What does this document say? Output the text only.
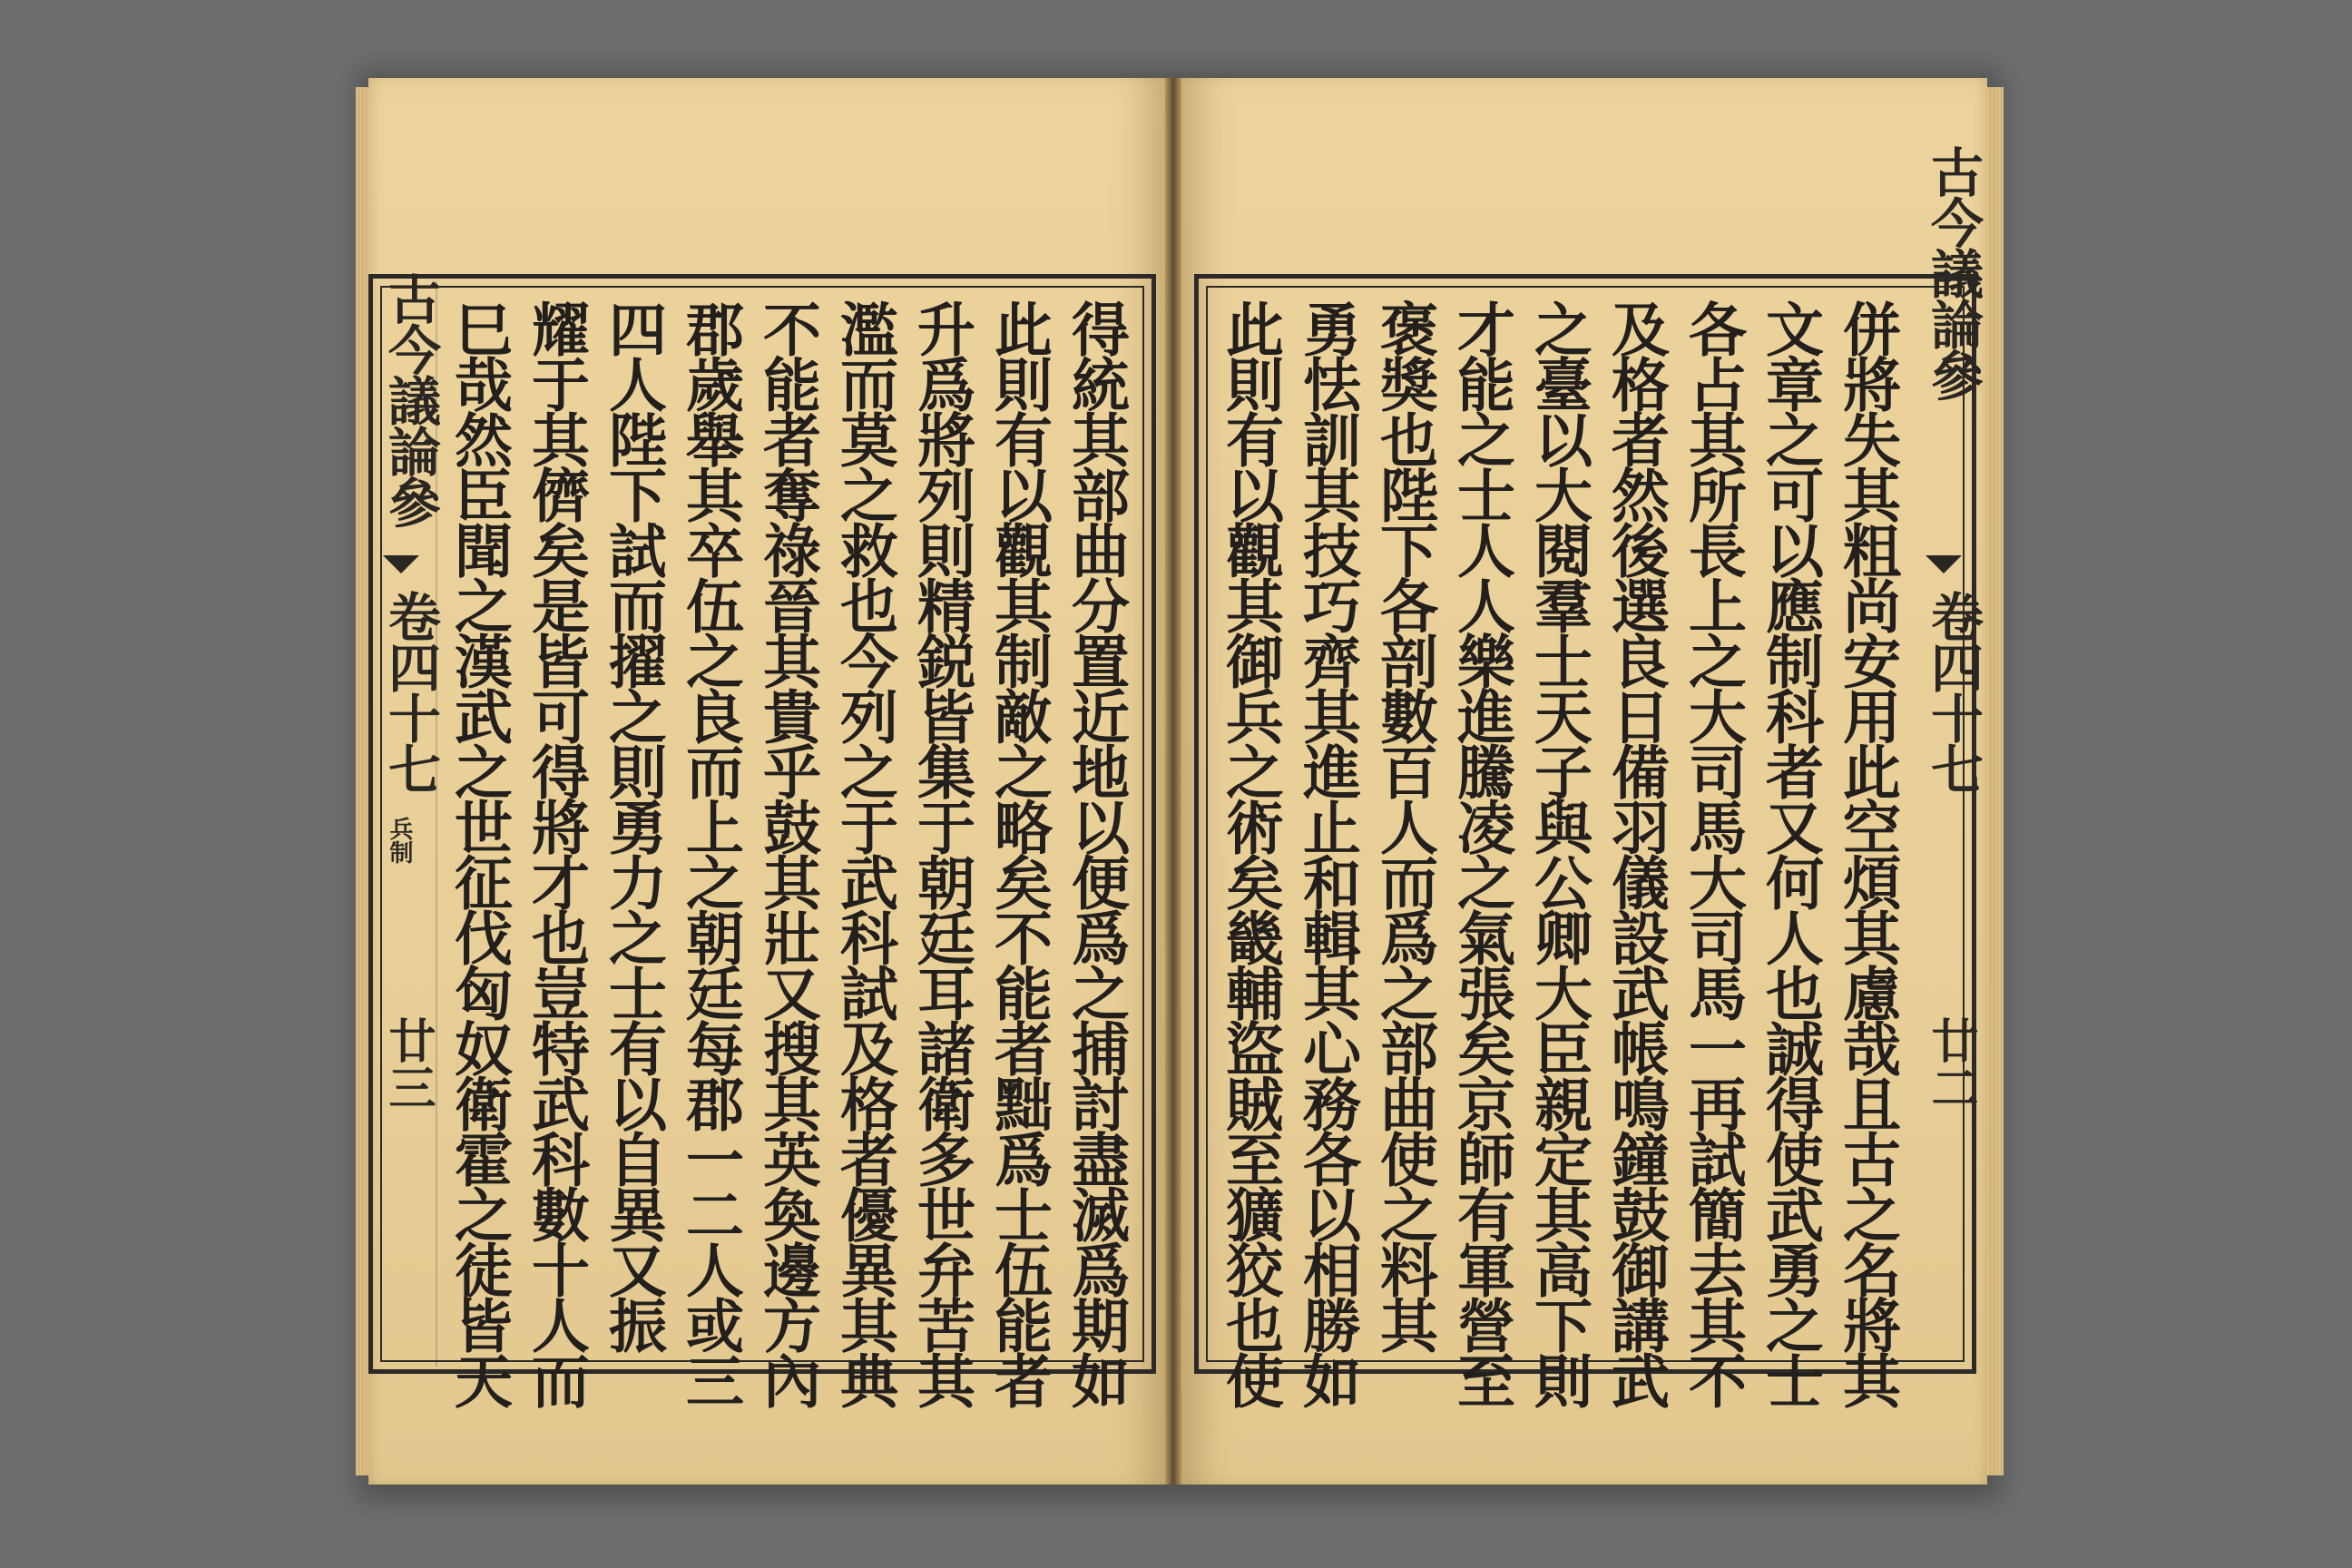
古今議論參
卷四十七
兵制
廿三	得統其部曲分置近地以便爲之捕討盡滅爲期如
此則有以觀其制敵之略矣不能者黜爲士伍能者
升爲將列則精鋭皆集于朝廷耳諸衛多世弁苦其
濫而莫之救也今列之于武科試及格者優異其典
不能者奪祿晉其貴乎鼓其壯又搜其英奐邊方內
郡歲舉其卒伍之良而上之朝廷每郡一二人或三
四人陛下試而擢之則勇力之士有以自異又振
耀于其儕矣是皆可得將才也豈特武科數十人而
巳哉然臣聞之漢武之世征伐匈奴衛霍之徒皆天
古今議論參
卷四十七
廿二
併將失其粗尚安用此空煩其慮哉且古之名將其
文章之可以應制科者又何人也誠得使武勇之士
各占其所長上之大司馬大司馬一再試簡去其不
及格者然後選良日備羽儀設武帳鳴鐘鼓御講武
之臺以大閱羣士天子與公卿大臣親定其高下則
才能之士人人樂進騰凌之氣張矣京師有軍營至
褒獎也陛下各剖數百人而爲之部曲使之料其
勇怯訓其技巧齊其進止和輯其心務各以相勝如
此則有以觀其御兵之術矣畿輔盜賊至獷狡也使
